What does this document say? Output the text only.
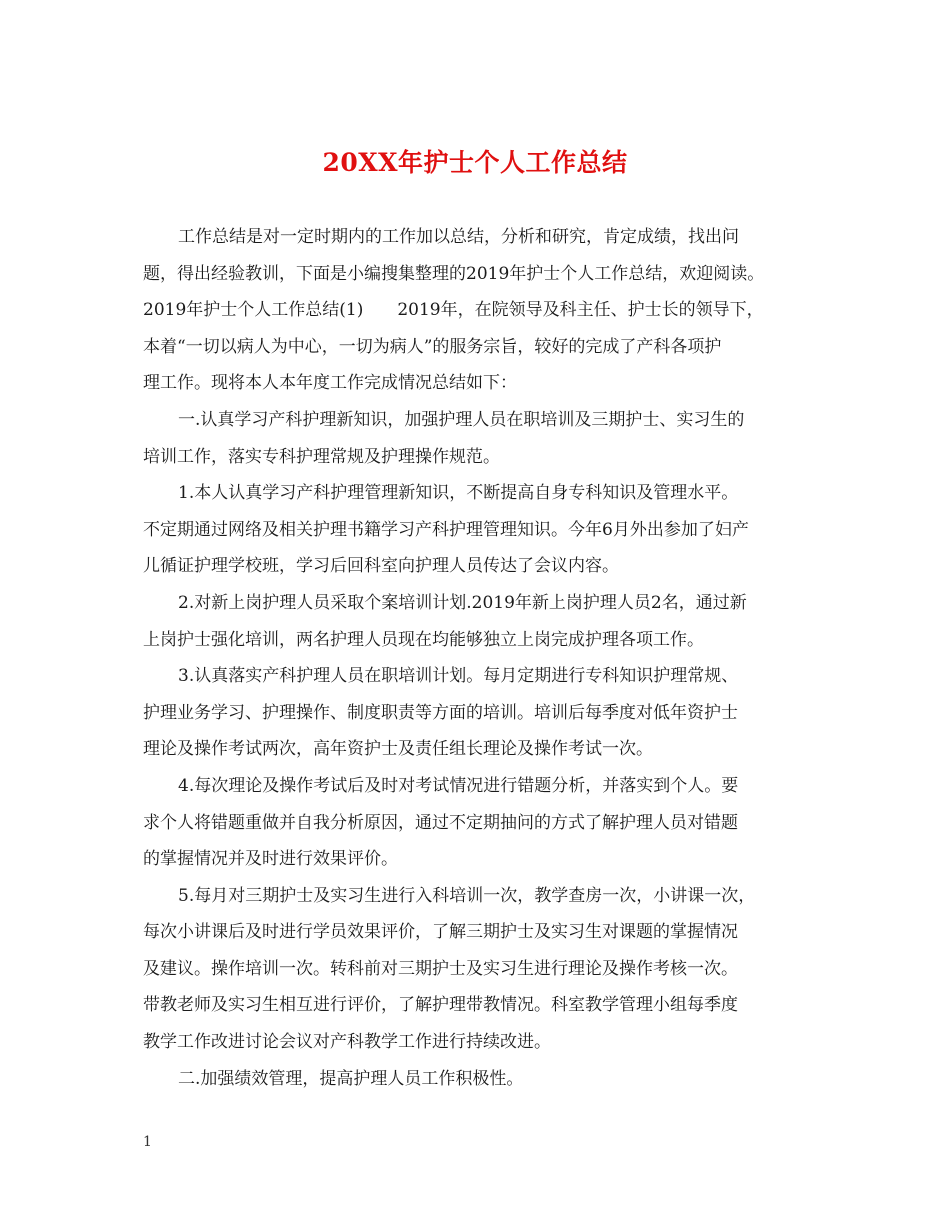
20XX年护士个人工作总结
工作总结是对一定时期内的工作加以总结，分析和研究，肯定成绩，找出问
题，得出经验教训，下面是小编搜集整理的2019年护士个人工作总结，欢迎阅读。
2019年护士个人工作总结(1)　　2019年，在院领导及科主任、护士长的领导下，
本着“一切以病人为中心，一切为病人”的服务宗旨，较好的完成了产科各项护
理工作。现将本人本年度工作完成情况总结如下：
一.认真学习产科护理新知识，加强护理人员在职培训及三期护士、实习生的
培训工作，落实专科护理常规及护理操作规范。
1.本人认真学习产科护理管理新知识，不断提高自身专科知识及管理水平。
不定期通过网络及相关护理书籍学习产科护理管理知识。今年6月外出参加了妇产
儿循证护理学校班，学习后回科室向护理人员传达了会议内容。
2.对新上岗护理人员采取个案培训计划.2019年新上岗护理人员2名，通过新
上岗护士强化培训，两名护理人员现在均能够独立上岗完成护理各项工作。
3.认真落实产科护理人员在职培训计划。每月定期进行专科知识护理常规、
护理业务学习、护理操作、制度职责等方面的培训。培训后每季度对低年资护士
理论及操作考试两次，高年资护士及责任组长理论及操作考试一次。
4.每次理论及操作考试后及时对考试情况进行错题分析，并落实到个人。要
求个人将错题重做并自我分析原因，通过不定期抽问的方式了解护理人员对错题
的掌握情况并及时进行效果评价。
5.每月对三期护士及实习生进行入科培训一次，教学查房一次，小讲课一次，
每次小讲课后及时进行学员效果评价，了解三期护士及实习生对课题的掌握情况
及建议。操作培训一次。转科前对三期护士及实习生进行理论及操作考核一次。
带教老师及实习生相互进行评价，了解护理带教情况。科室教学管理小组每季度
教学工作改进讨论会议对产科教学工作进行持续改进。
二.加强绩效管理，提高护理人员工作积极性。
1
